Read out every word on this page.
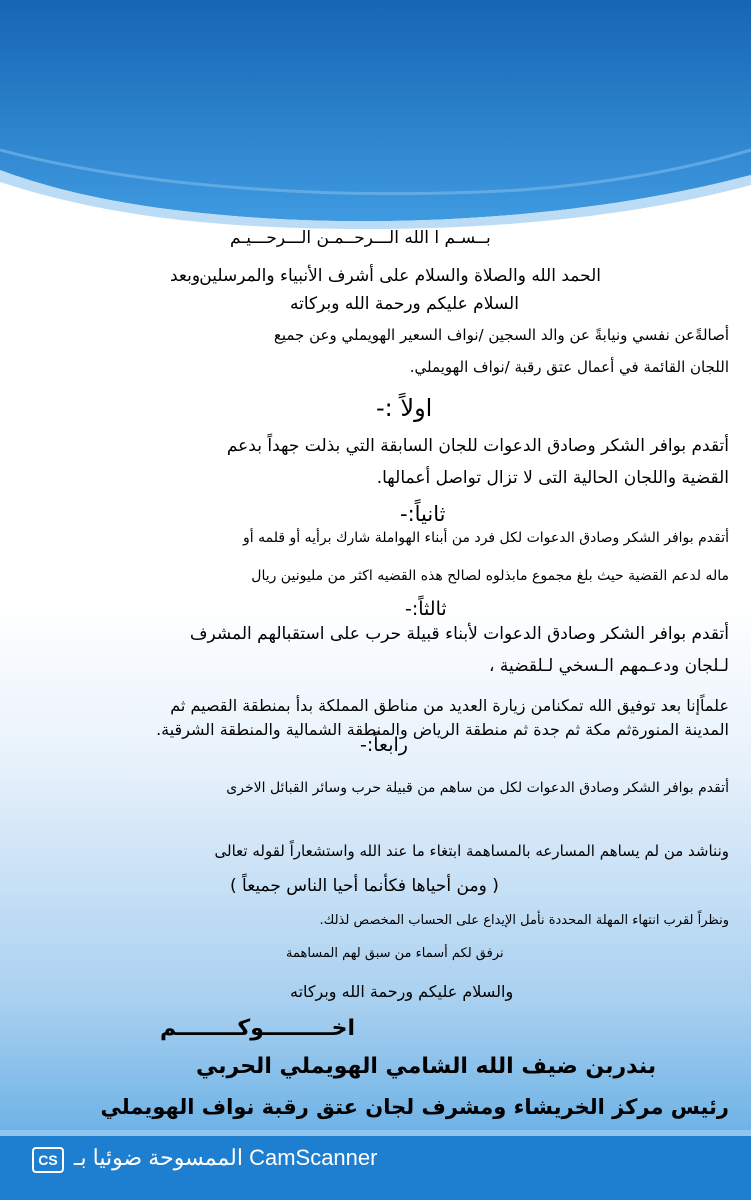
بــسـم ا الله الـــرحــمـن الـــرحـــيـم
الحمد الله والصلاة والسلام على أشرف الأنبياء والمرسلين
وبعد
السلام عليكم ورحمة الله وبركاته
أصالةًعن نفسي ونيابةً عن والد السجين /نواف السعير الهويملي وعن جميع
اللجان القائمة في أعمال عتق رقبة /نواف الهويملي.
اولاً :-
أتقدم بوافر الشكر وصادق الدعوات للجان السابقة التي بذلت جهداً بدعم
القضية واللجان الحالية التى لا تزال تواصل أعمالها.
ثانياً:-
أتقدم بوافر الشكر وصادق الدعوات لكل فرد من أبناء الهواملة شارك برأيه أو قلمه أو
ماله لدعم القضية حيث بلغ مجموع مابذلوه لصالح هذه القضيه اكثر من مليونين ريال
ثالثاً:-
أتقدم بوافر الشكر وصادق الدعوات لأبناء قبيلة حرب على استقبالهم المشرف
لـلجان ودعـمهم الـسخي لـلقضية ،
علماًإنا بعد توفيق الله تمكنامن زيارة العديد من مناطق المملكة بدأ بمنطقة القصيم ثم
المدينة المنورةثم مكة ثم جدة ثم منطقة الرياض والمنطقة الشمالية والمنطقة الشرقية.
رابعاً:-
أتقدم بوافر الشكر وصادق الدعوات لكل من ساهم من قبيلة حرب وسائر القبائل الاخرى
ونناشد من لم يساهم المسارعه بالمساهمة ابتغاء ما عند الله واستشعاراً لقوله تعالى
( ومن أحياها فكأنما أحيا الناس جميعاً )
ونظراً لقرب انتهاء المهلة المحددة نأمل الإيداع على الحساب المخصص لذلك.
نرفق لكم أسماء من سبق لهم المساهمة
والسلام عليكم ورحمة الله وبركاته
اخـــــــــوكــــــــم
بندربن ضيف الله الشامي الهويملي الحربي
رئيس مركز الخريشاء ومشرف لجان عتق رقبة نواف الهويملي
CS الممسوحة ضوئيا بـ CamScanner
